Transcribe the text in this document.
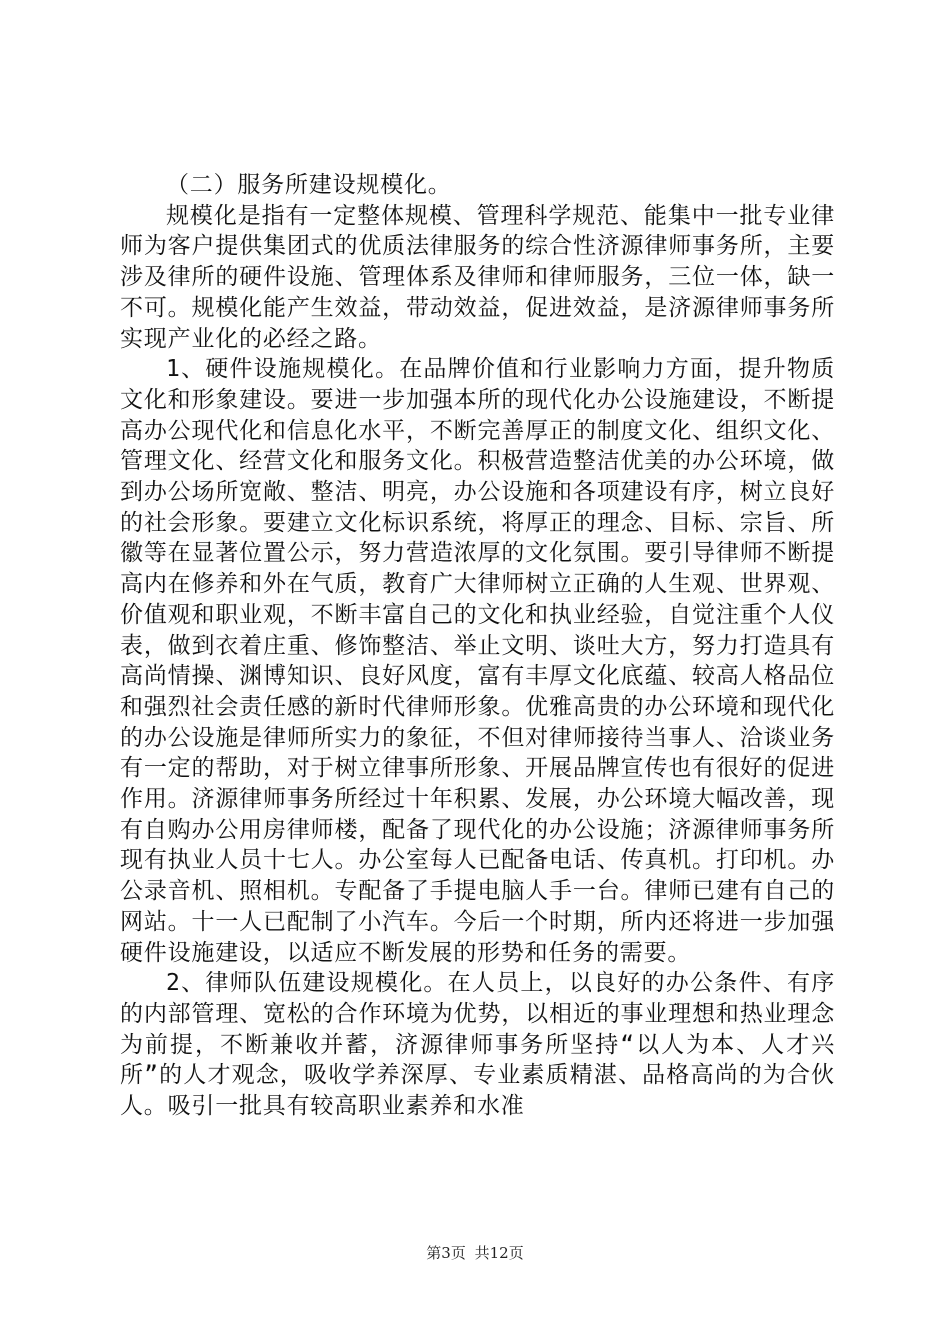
（二）服务所建设规模化。

规模化是指有一定整体规模、管理科学规范、能集中一批专业律师为客户提供集团式的优质法律服务的综合性济源律师事务所，主要涉及律所的硬件设施、管理体系及律师和律师服务，三位一体，缺一不可。规模化能产生效益，带动效益，促进效益，是济源律师事务所实现产业化的必经之路。

1、硬件设施规模化。在品牌价值和行业影响力方面，提升物质文化和形象建设。要进一步加强本所的现代化办公设施建设，不断提高办公现代化和信息化水平，不断完善厚正的制度文化、组织文化、管理文化、经营文化和服务文化。积极营造整洁优美的办公环境，做到办公场所宽敞、整洁、明亮，办公设施和各项建设有序，树立良好的社会形象。要建立文化标识系统，将厚正的理念、目标、宗旨、所徽等在显著位置公示，努力营造浓厚的文化氛围。要引导律师不断提高内在修养和外在气质，教育广大律师树立正确的人生观、世界观、价值观和职业观，不断丰富自己的文化和执业经验，自觉注重个人仪表，做到衣着庄重、修饰整洁、举止文明、谈吐大方，努力打造具有高尚情操、渊博知识、良好风度，富有丰厚文化底蕴、较高人格品位和强烈社会责任感的新时代律师形象。优雅高贵的办公环境和现代化的办公设施是律师所实力的象征，不但对律师接待当事人、洽谈业务有一定的帮助，对于树立律事所形象、开展品牌宣传也有很好的促进作用。济源律师事务所经过十年积累、发展，办公环境大幅改善，现有自购办公用房律师楼，配备了现代化的办公设施；济源律师事务所现有执业人员十七人。办公室每人已配备电话、传真机。打印机。办公录音机、照相机。专配备了手提电脑人手一台。律师已建有自己的网站。十一人已配制了小汽车。今后一个时期，所内还将进一步加强硬件设施建设，以适应不断发展的形势和任务的需要。

2、律师队伍建设规模化。在人员上，以良好的办公条件、有序的内部管理、宽松的合作环境为优势，以相近的事业理想和热业理念为前提，不断兼收并蓄，济源律师事务所坚持“以人为本、人才兴所”的人才观念，吸收学养深厚、专业素质精湛、品格高尚的为合伙人。吸引一批具有较高职业素养和水准

第3页 共12页
